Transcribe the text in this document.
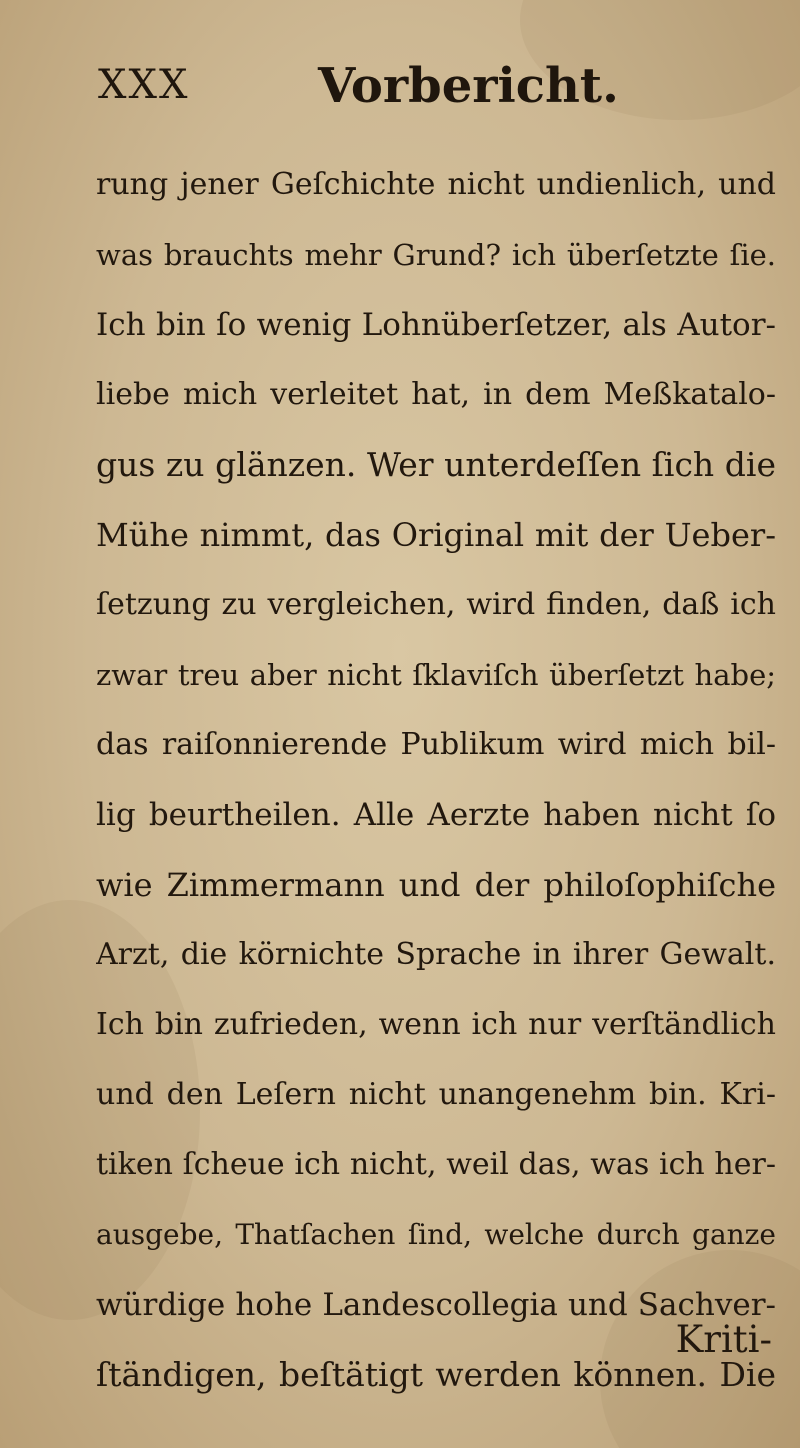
XXX	Vorbericht.
rung jener Geſchichte nicht undienlich, und
was brauchts mehr Grund? ich überſetzte ſie.
Ich bin ſo wenig Lohnüberſetzer, als Autor-
liebe mich verleitet hat, in dem Meßkatalo-
gus zu glänzen. Wer unterdeſſen ſich die
Mühe nimmt, das Original mit der Ueber-
ſetzung zu vergleichen, wird finden, daß ich
zwar treu aber nicht ſklaviſch überſetzt habe;
das raiſonnierende Publikum wird mich bil-
lig beurtheilen. Alle Aerzte haben nicht ſo
wie Zimmermann und der philoſophiſche
Arzt, die körnichte Sprache in ihrer Gewalt.
Ich bin zufrieden, wenn ich nur verſtändlich
und den Leſern nicht unangenehm bin. Kri-
tiken ſcheue ich nicht, weil das, was ich her-
ausgebe, Thatſachen ſind, welche durch ganze
würdige hohe Landescollegia und Sachver-
ſtändigen, beſtätigt werden können. Die
Kriti-
